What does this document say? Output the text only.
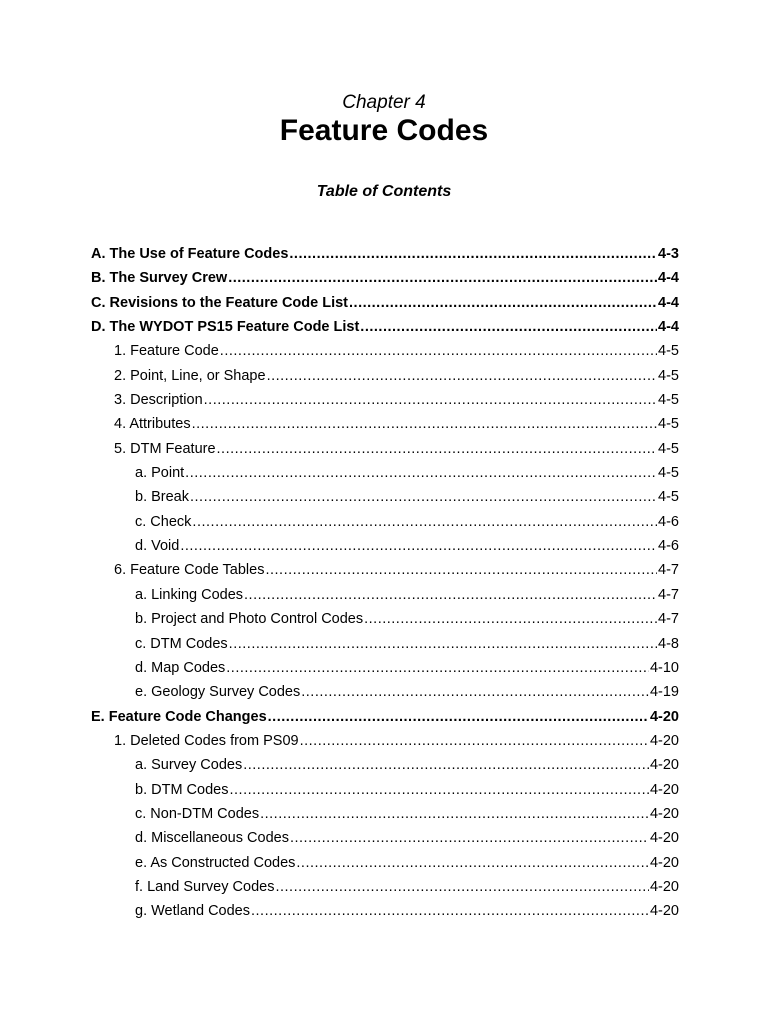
Chapter 4
Feature Codes
Table of Contents
A. The Use of Feature Codes .....	4-3
B. The Survey Crew .....	4-4
C. Revisions to the Feature Code List .....	4-4
D. The WYDOT PS15 Feature Code List .....	4-4
1. Feature Code .....	4-5
2. Point, Line, or Shape .....	4-5
3. Description .....	4-5
4. Attributes .....	4-5
5. DTM Feature .....	4-5
a. Point .....	4-5
b. Break .....	4-5
c. Check .....	4-6
d. Void .....	4-6
6. Feature Code Tables .....	4-7
a. Linking Codes .....	4-7
b. Project and Photo Control Codes .....	4-7
c. DTM Codes .....	4-8
d. Map Codes .....	4-10
e. Geology Survey Codes .....	4-19
E. Feature Code Changes .....	4-20
1. Deleted Codes from PS09 .....	4-20
a. Survey Codes .....	4-20
b. DTM Codes .....	4-20
c. Non-DTM Codes .....	4-20
d. Miscellaneous Codes .....	4-20
e. As Constructed Codes .....	4-20
f. Land Survey Codes .....	4-20
g. Wetland Codes .....	4-20
